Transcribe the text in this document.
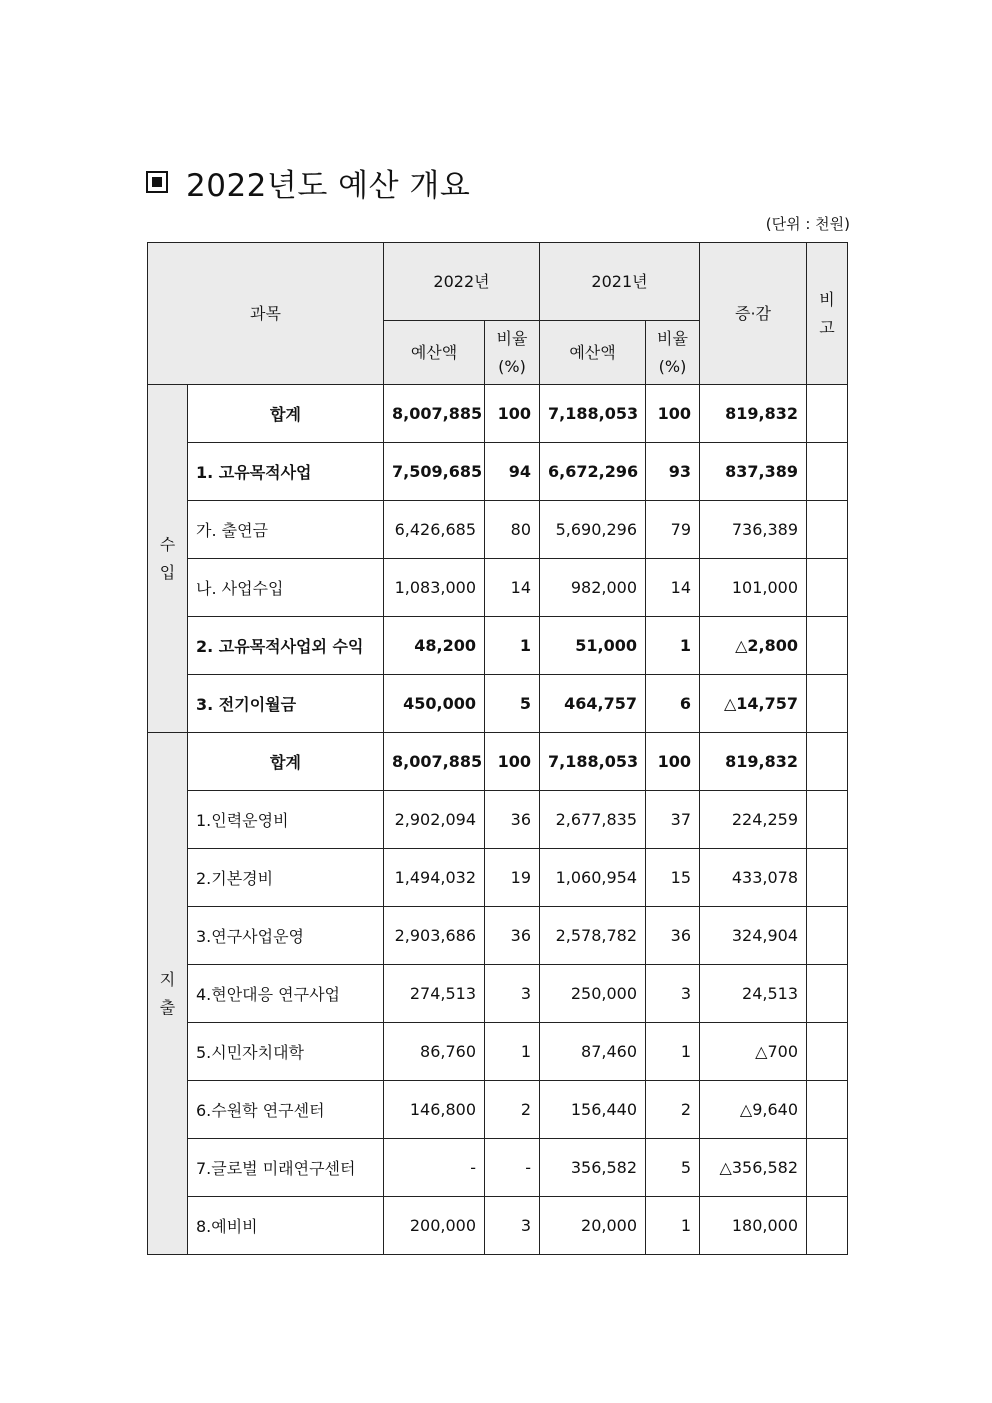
2022년도 예산 개요
(단위 : 천원)
과목		2022년		2021년		증·감	비고
		예산액	비율(%)	예산액	비율(%)		
수입	합계	8,007,885	100	7,188,053	100	819,832	
	1. 고유목적사업	7,509,685	94	6,672,296	93	837,389	
	가. 출연금	6,426,685	80	5,690,296	79	736,389	
	나. 사업수입	1,083,000	14	982,000	14	101,000	
	2. 고유목적사업외 수익	48,200	1	51,000	1	△2,800	
	3. 전기이월금	450,000	5	464,757	6	△14,757	
지출	합계	8,007,885	100	7,188,053	100	819,832	
	1.인력운영비	2,902,094	36	2,677,835	37	224,259	
	2.기본경비	1,494,032	19	1,060,954	15	433,078	
	3.연구사업운영	2,903,686	36	2,578,782	36	324,904	
	4.현안대응 연구사업	274,513	3	250,000	3	24,513	
	5.시민자치대학	86,760	1	87,460	1	△700	
	6.수원학 연구센터	146,800	2	156,440	2	△9,640	
	7.글로벌 미래연구센터	-	-	356,582	5	△356,582	
	8.예비비	200,000	3	20,000	1	180,000	
